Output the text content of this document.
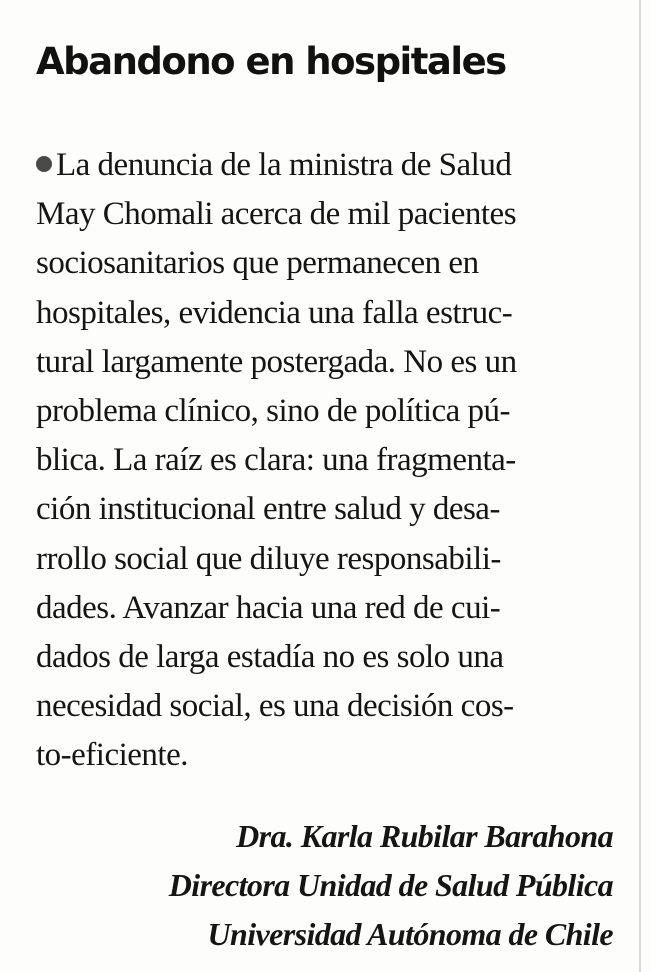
Abandono en hospitales
La denuncia de la ministra de Salud
May Chomali acerca de mil pacientes
sociosanitarios que permanecen en
hospitales, evidencia una falla estruc-
tural largamente postergada. No es un
problema clínico, sino de política pú-
blica. La raíz es clara: una fragmenta-
ción institucional entre salud y desa-
rrollo social que diluye responsabili-
dades. Avanzar hacia una red de cui-
dados de larga estadía no es solo una
necesidad social, es una decisión cos-
to-eficiente.
Dra. Karla Rubilar Barahona
Directora Unidad de Salud Pública
Universidad Autónoma de Chile
